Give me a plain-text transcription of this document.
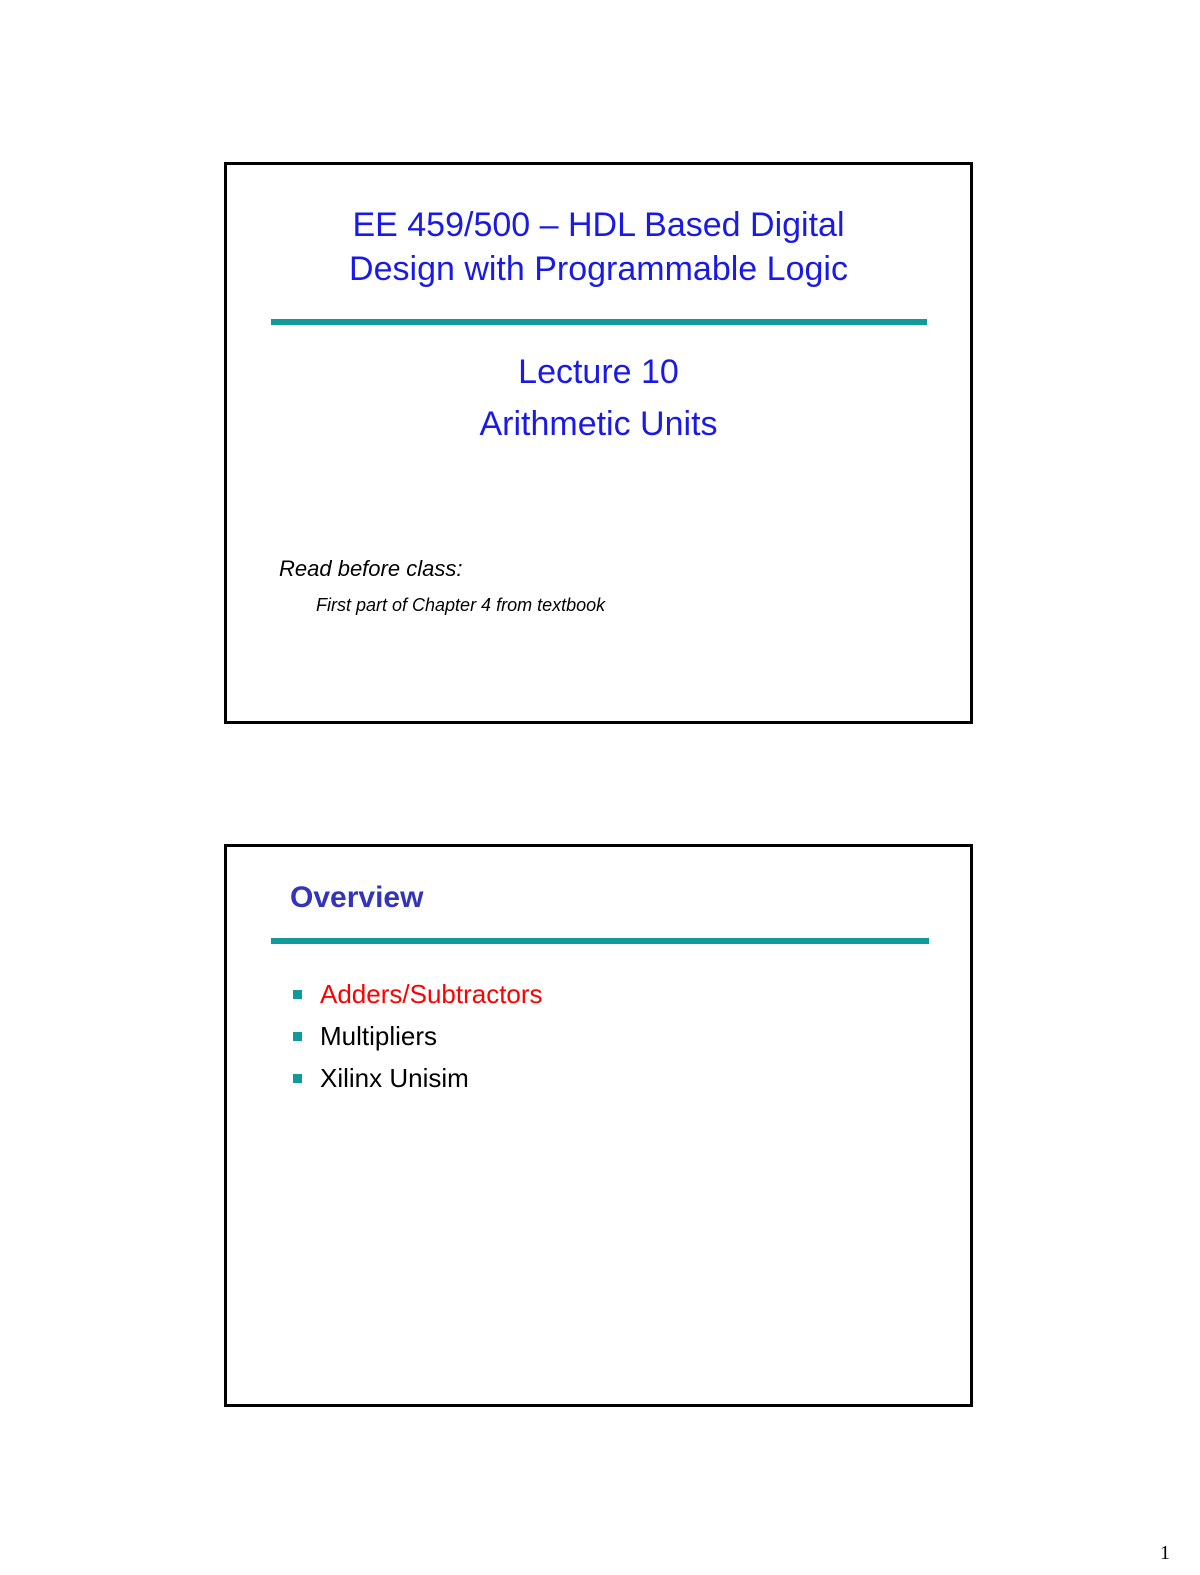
EE 459/500 – HDL Based Digital
Design with Programmable Logic
Lecture 10
Arithmetic Units
Read before class:
First part of Chapter 4 from textbook
Overview
Adders/Subtractors
Multipliers
Xilinx Unisim
1
